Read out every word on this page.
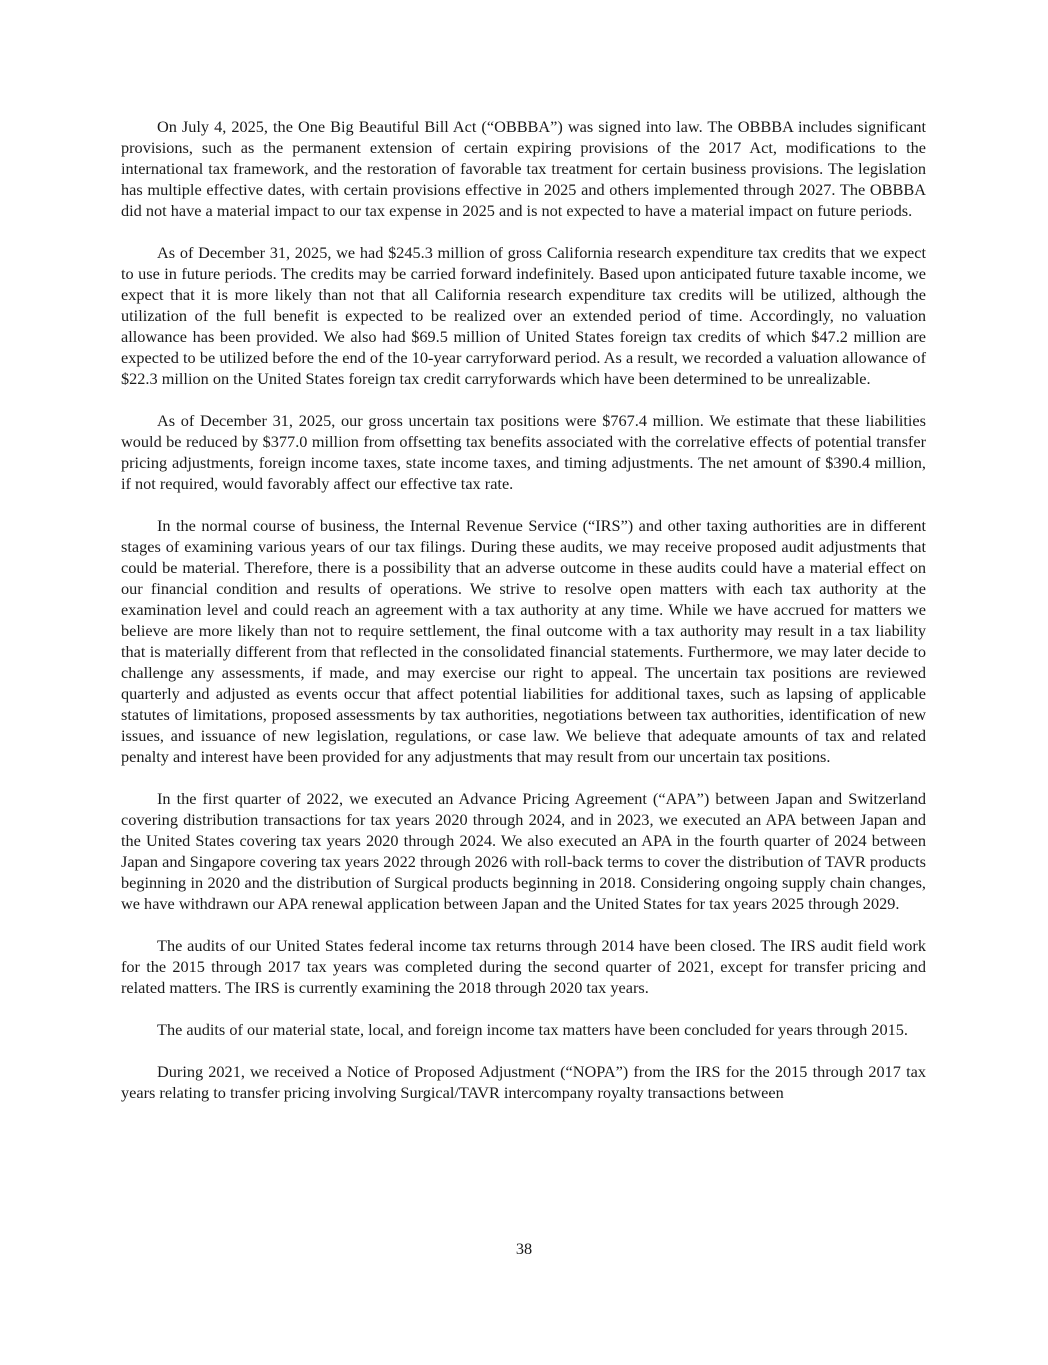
On July 4, 2025, the One Big Beautiful Bill Act (“OBBBA”) was signed into law. The OBBBA includes significant provisions, such as the permanent extension of certain expiring provisions of the 2017 Act, modifications to the international tax framework, and the restoration of favorable tax treatment for certain business provisions. The legislation has multiple effective dates, with certain provisions effective in 2025 and others implemented through 2027. The OBBBA did not have a material impact to our tax expense in 2025 and is not expected to have a material impact on future periods.

As of December 31, 2025, we had $245.3 million of gross California research expenditure tax credits that we expect to use in future periods. The credits may be carried forward indefinitely. Based upon anticipated future taxable income, we expect that it is more likely than not that all California research expenditure tax credits will be utilized, although the utilization of the full benefit is expected to be realized over an extended period of time. Accordingly, no valuation allowance has been provided. We also had $69.5 million of United States foreign tax credits of which $47.2 million are expected to be utilized before the end of the 10-year carryforward period. As a result, we recorded a valuation allowance of $22.3 million on the United States foreign tax credit carryforwards which have been determined to be unrealizable.

As of December 31, 2025, our gross uncertain tax positions were $767.4 million. We estimate that these liabilities would be reduced by $377.0 million from offsetting tax benefits associated with the correlative effects of potential transfer pricing adjustments, foreign income taxes, state income taxes, and timing adjustments. The net amount of $390.4 million, if not required, would favorably affect our effective tax rate.

In the normal course of business, the Internal Revenue Service (“IRS”) and other taxing authorities are in different stages of examining various years of our tax filings. During these audits, we may receive proposed audit adjustments that could be material. Therefore, there is a possibility that an adverse outcome in these audits could have a material effect on our financial condition and results of operations. We strive to resolve open matters with each tax authority at the examination level and could reach an agreement with a tax authority at any time. While we have accrued for matters we believe are more likely than not to require settlement, the final outcome with a tax authority may result in a tax liability that is materially different from that reflected in the consolidated financial statements. Furthermore, we may later decide to challenge any assessments, if made, and may exercise our right to appeal. The uncertain tax positions are reviewed quarterly and adjusted as events occur that affect potential liabilities for additional taxes, such as lapsing of applicable statutes of limitations, proposed assessments by tax authorities, negotiations between tax authorities, identification of new issues, and issuance of new legislation, regulations, or case law. We believe that adequate amounts of tax and related penalty and interest have been provided for any adjustments that may result from our uncertain tax positions.

In the first quarter of 2022, we executed an Advance Pricing Agreement (“APA”) between Japan and Switzerland covering distribution transactions for tax years 2020 through 2024, and in 2023, we executed an APA between Japan and the United States covering tax years 2020 through 2024. We also executed an APA in the fourth quarter of 2024 between Japan and Singapore covering tax years 2022 through 2026 with roll-back terms to cover the distribution of TAVR products beginning in 2020 and the distribution of Surgical products beginning in 2018. Considering ongoing supply chain changes, we have withdrawn our APA renewal application between Japan and the United States for tax years 2025 through 2029.

The audits of our United States federal income tax returns through 2014 have been closed. The IRS audit field work for the 2015 through 2017 tax years was completed during the second quarter of 2021, except for transfer pricing and related matters. The IRS is currently examining the 2018 through 2020 tax years.

The audits of our material state, local, and foreign income tax matters have been concluded for years through 2015.

During 2021, we received a Notice of Proposed Adjustment (“NOPA”) from the IRS for the 2015 through 2017 tax years relating to transfer pricing involving Surgical/TAVR intercompany royalty transactions between

38
